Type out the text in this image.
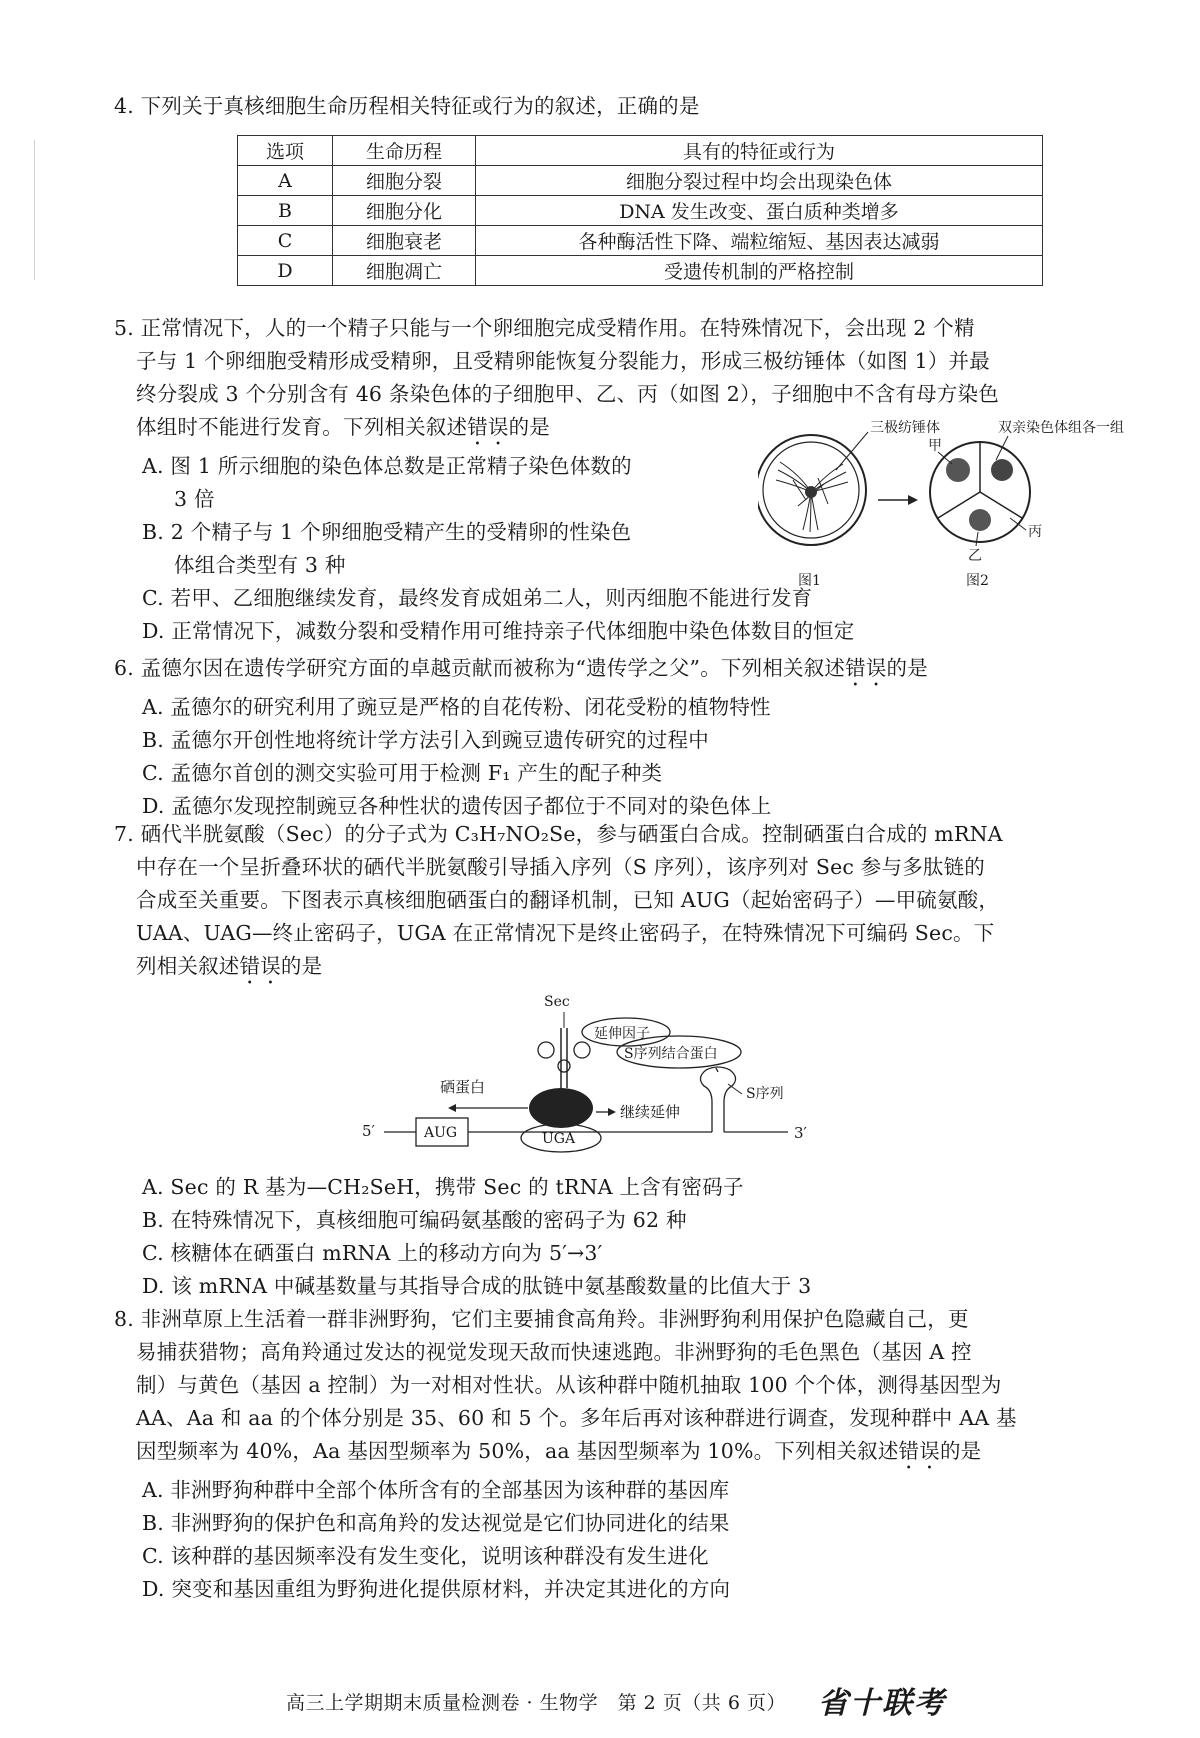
4. 下列关于真核细胞生命历程相关特征或行为的叙述，正确的是

选项	生命历程	具有的特征或行为
A	细胞分裂	细胞分裂过程中均会出现染色体
B	细胞分化	DNA 发生改变、蛋白质种类增多
C	细胞衰老	各种酶活性下降、端粒缩短、基因表达减弱
D	细胞凋亡	受遗传机制的严格控制

5. 正常情况下，人的一个精子只能与一个卵细胞完成受精作用。在特殊情况下，会出现 2 个精

子与 1 个卵细胞受精形成受精卵，且受精卵能恢复分裂能力，形成三极纺锤体（如图 1）并最

终分裂成 3 个分别含有 46 条染色体的子细胞甲、乙、丙（如图 2），子细胞中不含有母方染色

体组时不能进行发育。下列相关叙述错误的是

A. 图 1 所示细胞的染色体总数是正常精子染色体数的

3 倍

B. 2 个精子与 1 个卵细胞受精产生的受精卵的性染色

体组合类型有 3 种

C. 若甲、乙细胞继续发育，最终发育成姐弟二人，则丙细胞不能进行发育

D. 正常情况下，减数分裂和受精作用可维持亲子代体细胞中染色体数目的恒定

三极纺锤体
甲
双亲染色体组各一组
丙
乙
图1	图2

6. 孟德尔因在遗传学研究方面的卓越贡献而被称为“遗传学之父”。下列相关叙述错误的是

A. 孟德尔的研究利用了豌豆是严格的自花传粉、闭花受粉的植物特性

B. 孟德尔开创性地将统计学方法引入到豌豆遗传研究的过程中

C. 孟德尔首创的测交实验可用于检测 F₁ 产生的配子种类

D. 孟德尔发现控制豌豆各种性状的遗传因子都位于不同对的染色体上

7. 硒代半胱氨酸（Sec）的分子式为 C₃H₇NO₂Se，参与硒蛋白合成。控制硒蛋白合成的 mRNA

中存在一个呈折叠环状的硒代半胱氨酸引导插入序列（S 序列），该序列对 Sec 参与多肽链的

合成至关重要。下图表示真核细胞硒蛋白的翻译机制，已知 AUG（起始密码子）—甲硫氨酸，

UAA、UAG—终止密码子，UGA 在正常情况下是终止密码子，在特殊情况下可编码 Sec。下

列相关叙述错误的是

5′	AUG	3′
S序列
UGA
Sec
延伸因子
S序列结合蛋白
硒蛋白
继续延伸

A. Sec 的 R 基为—CH₂SeH，携带 Sec 的 tRNA 上含有密码子

B. 在特殊情况下，真核细胞可编码氨基酸的密码子为 62 种

C. 核糖体在硒蛋白 mRNA 上的移动方向为 5′→3′

D. 该 mRNA 中碱基数量与其指导合成的肽链中氨基酸数量的比值大于 3

8. 非洲草原上生活着一群非洲野狗，它们主要捕食高角羚。非洲野狗利用保护色隐藏自己，更

易捕获猎物；高角羚通过发达的视觉发现天敌而快速逃跑。非洲野狗的毛色黑色（基因 A 控

制）与黄色（基因 a 控制）为一对相对性状。从该种群中随机抽取 100 个个体，测得基因型为

AA、Aa 和 aa 的个体分别是 35、60 和 5 个。多年后再对该种群进行调查，发现种群中 AA 基

因型频率为 40%，Aa 基因型频率为 50%，aa 基因型频率为 10%。下列相关叙述错误的是

A. 非洲野狗种群中全部个体所含有的全部基因为该种群的基因库

B. 非洲野狗的保护色和高角羚的发达视觉是它们协同进化的结果

C. 该种群的基因频率没有发生变化，说明该种群没有发生进化

D. 突变和基因重组为野狗进化提供原材料，并决定其进化的方向

高三上学期期末质量检测卷 · 生物学　第 2 页（共 6 页） 省十联考
